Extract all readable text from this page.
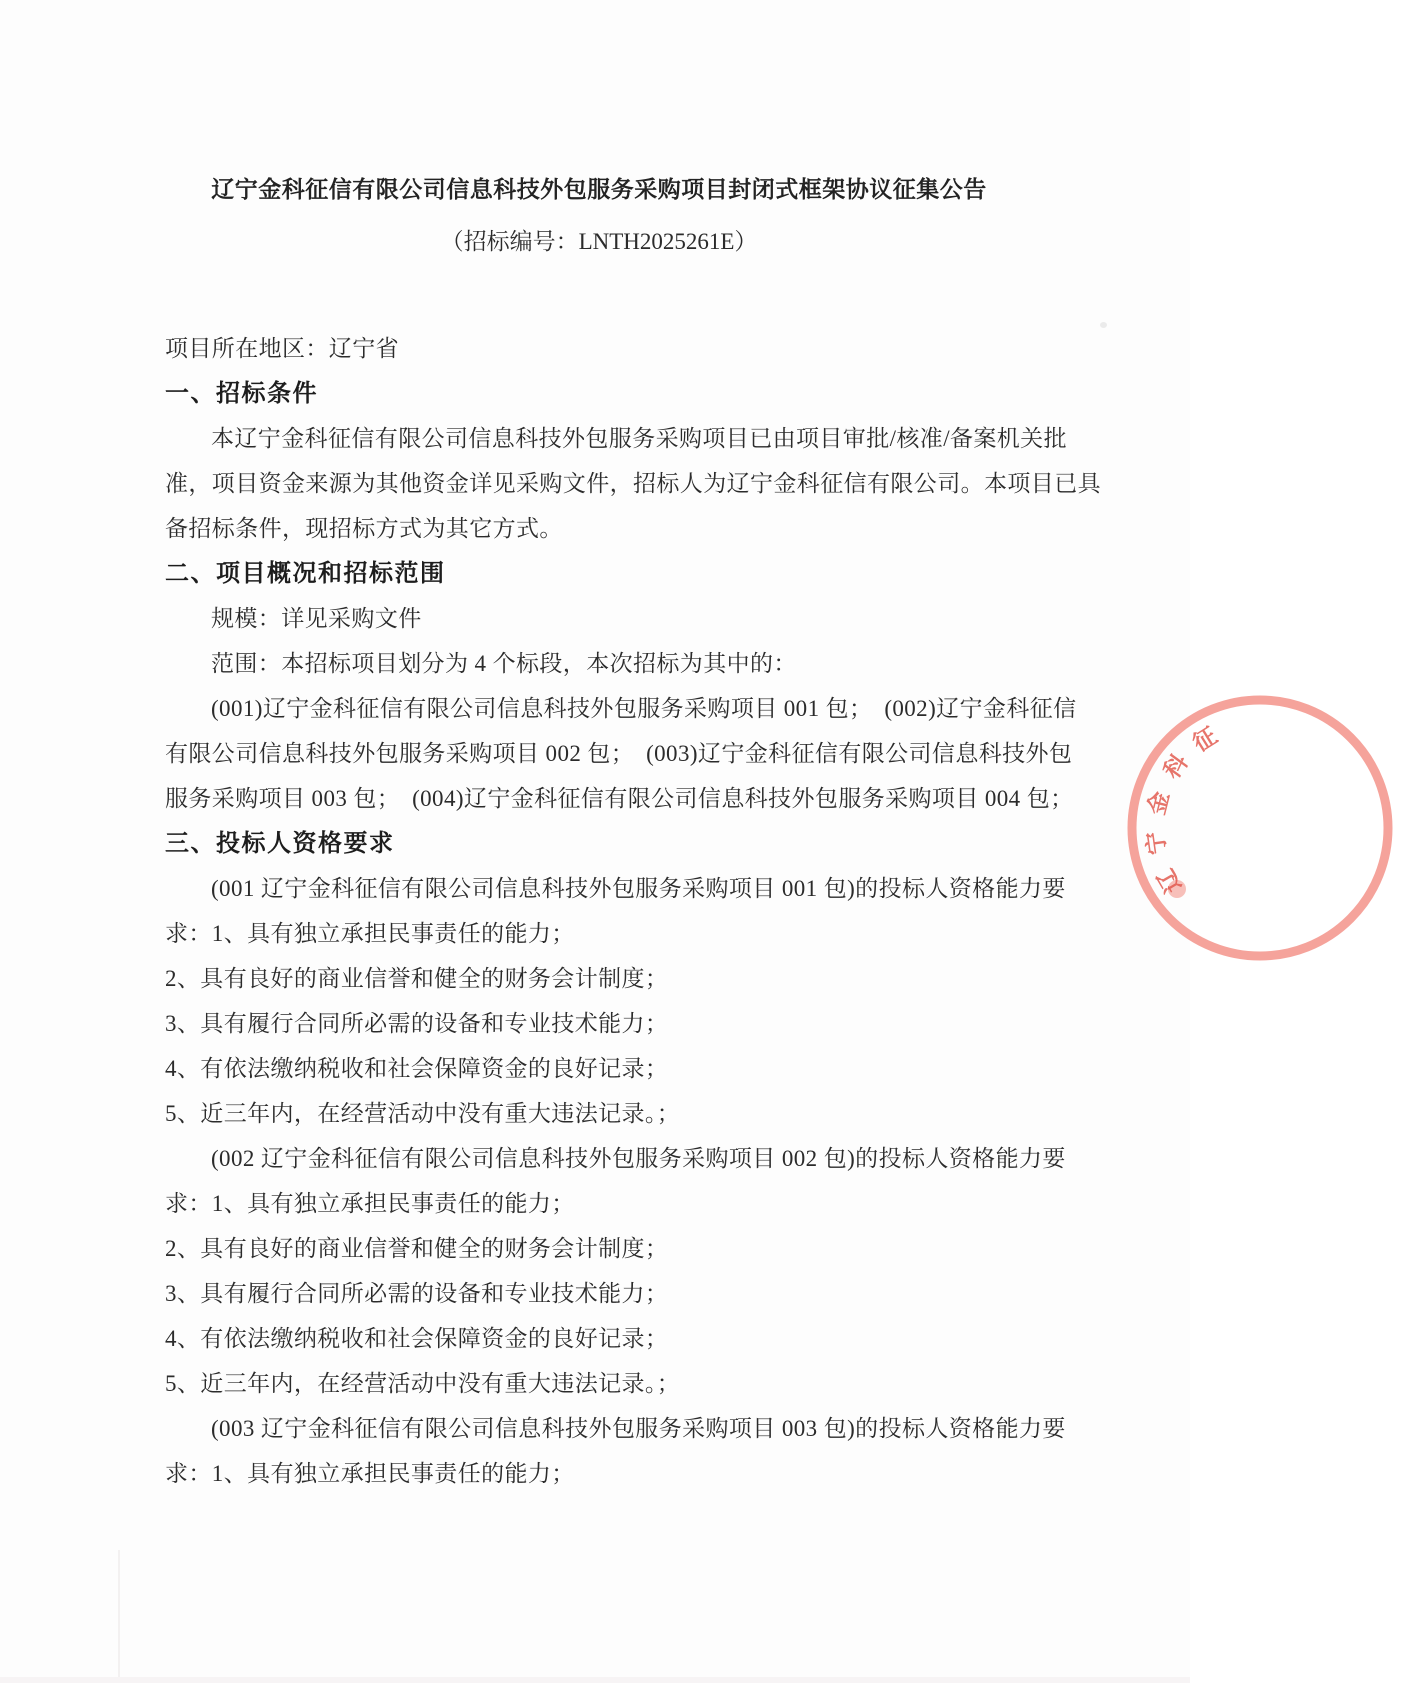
辽宁金科征信有限公司信息科技外包服务采购项目封闭式框架协议征集公告
（招标编号：LNTH2025261E）
项目所在地区：辽宁省
一、招标条件
本辽宁金科征信有限公司信息科技外包服务采购项目已由项目审批/核准/备案机关批
准，项目资金来源为其他资金详见采购文件，招标人为辽宁金科征信有限公司。本项目已具
备招标条件，现招标方式为其它方式。
二、项目概况和招标范围
规模：详见采购文件
范围：本招标项目划分为 4 个标段，本次招标为其中的：
(001)辽宁金科征信有限公司信息科技外包服务采购项目 001 包；　(002)辽宁金科征信
有限公司信息科技外包服务采购项目 002 包；　(003)辽宁金科征信有限公司信息科技外包
服务采购项目 003 包；　(004)辽宁金科征信有限公司信息科技外包服务采购项目 004 包；
三、投标人资格要求
(001 辽宁金科征信有限公司信息科技外包服务采购项目 001 包)的投标人资格能力要
求：1、具有独立承担民事责任的能力；
2、具有良好的商业信誉和健全的财务会计制度；
3、具有履行合同所必需的设备和专业技术能力；
4、有依法缴纳税收和社会保障资金的良好记录；
5、近三年内，在经营活动中没有重大违法记录。；
(002 辽宁金科征信有限公司信息科技外包服务采购项目 002 包)的投标人资格能力要
求：1、具有独立承担民事责任的能力；
2、具有良好的商业信誉和健全的财务会计制度；
3、具有履行合同所必需的设备和专业技术能力；
4、有依法缴纳税收和社会保障资金的良好记录；
5、近三年内，在经营活动中没有重大违法记录。；
(003 辽宁金科征信有限公司信息科技外包服务采购项目 003 包)的投标人资格能力要
求：1、具有独立承担民事责任的能力；
辽
宁
金
科
征
